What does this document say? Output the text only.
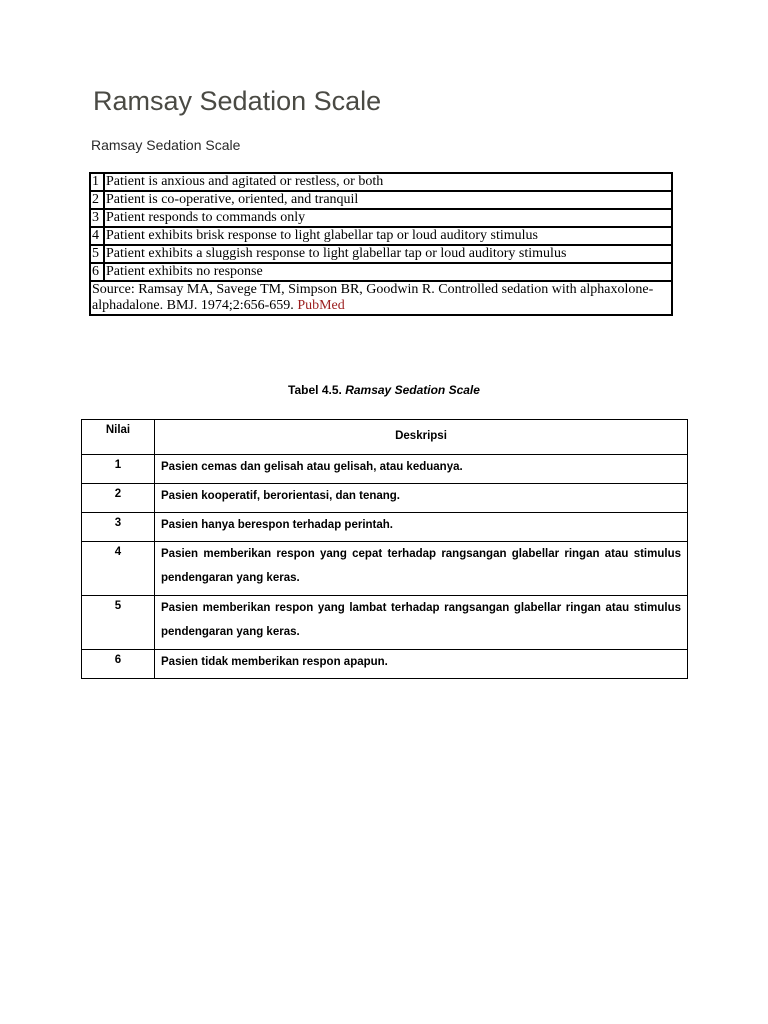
Ramsay Sedation Scale
Ramsay Sedation Scale
1	Patient is anxious and agitated or restless, or both
2	Patient is co-operative, oriented, and tranquil
3	Patient responds to commands only
4	Patient exhibits brisk response to light glabellar tap or loud auditory stimulus
5	Patient exhibits a sluggish response to light glabellar tap or loud auditory stimulus
6	Patient exhibits no response
Source: Ramsay MA, Savege TM, Simpson BR, Goodwin R. Controlled sedation with alphaxolone-alphadalone. BMJ. 1974;2:656-659. PubMed	
Tabel 4.5. Ramsay Sedation Scale
Nilai	Deskripsi
1	Pasien cemas dan gelisah atau gelisah, atau keduanya.

2	Pasien kooperatif, berorientasi, dan tenang.

3	Pasien hanya berespon terhadap perintah.

4	Pasien memberikan respon yang cepat terhadap rangsangan glabellar ringan atau stimulus pendengaran yang keras.

5	Pasien memberikan respon yang lambat terhadap rangsangan glabellar ringan atau stimulus pendengaran yang keras.

6	Pasien tidak memberikan respon apapun.
